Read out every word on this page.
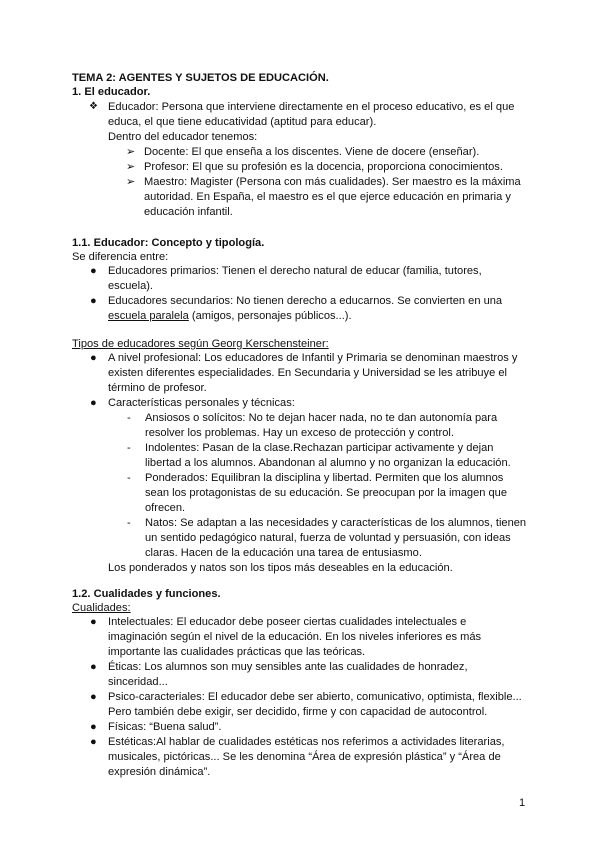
TEMA 2: AGENTES Y SUJETOS DE EDUCACIÓN.
1. El educador.
❖ Educador: Persona que interviene directamente en el proceso educativo, es el que
educa, el que tiene educatividad (aptitud para educar).
Dentro del educador tenemos:
➢ Docente: El que enseña a los discentes. Viene de docere (enseñar).
➢ Profesor: El que su profesión es la docencia, proporciona conocimientos.
➢ Maestro: Magister (Persona con más cualidades). Ser maestro es la máxima
autoridad. En España, el maestro es el que ejerce educación en primaria y
educación infantil.
1.1. Educador: Concepto y tipología.
Se diferencia entre:
● Educadores primarios: Tienen el derecho natural de educar (familia, tutores,
escuela).
● Educadores secundarios: No tienen derecho a educarnos. Se convierten en una
escuela paralela (amigos, personajes públicos...).
Tipos de educadores según Georg Kerschensteiner:
● A nivel profesional: Los educadores de Infantil y Primaria se denominan maestros y
existen diferentes especialidades. En Secundaria y Universidad se les atribuye el
término de profesor.
● Características personales y técnicas:
- Ansiosos o solícitos: No te dejan hacer nada, no te dan autonomía para
resolver los problemas. Hay un exceso de protección y control.
- Indolentes: Pasan de la clase.Rechazan participar activamente y dejan
libertad a los alumnos. Abandonan al alumno y no organizan la educación.
- Ponderados: Equilibran la disciplina y libertad. Permiten que los alumnos
sean los protagonistas de su educación. Se preocupan por la imagen que
ofrecen.
- Natos: Se adaptan a las necesidades y características de los alumnos, tienen
un sentido pedagógico natural, fuerza de voluntad y persuasión, con ideas
claras. Hacen de la educación una tarea de entusiasmo.
Los ponderados y natos son los tipos más deseables en la educación.
1.2. Cualidades y funciones.
Cualidades:
● Intelectuales: El educador debe poseer ciertas cualidades intelectuales e
imaginación según el nivel de la educación. En los niveles inferiores es más
importante las cualidades prácticas que las teóricas.
● Éticas: Los alumnos son muy sensibles ante las cualidades de honradez,
sinceridad...
● Psico-caracteriales: El educador debe ser abierto, comunicativo, optimista, flexible...
Pero también debe exigir, ser decidido, firme y con capacidad de autocontrol.
● Físicas: “Buena salud”.
● Estéticas:Al hablar de cualidades estéticas nos referimos a actividades literarias,
musicales, pictóricas... Se les denomina “Área de expresión plástica” y “Área de
expresión dinámica”.
1
